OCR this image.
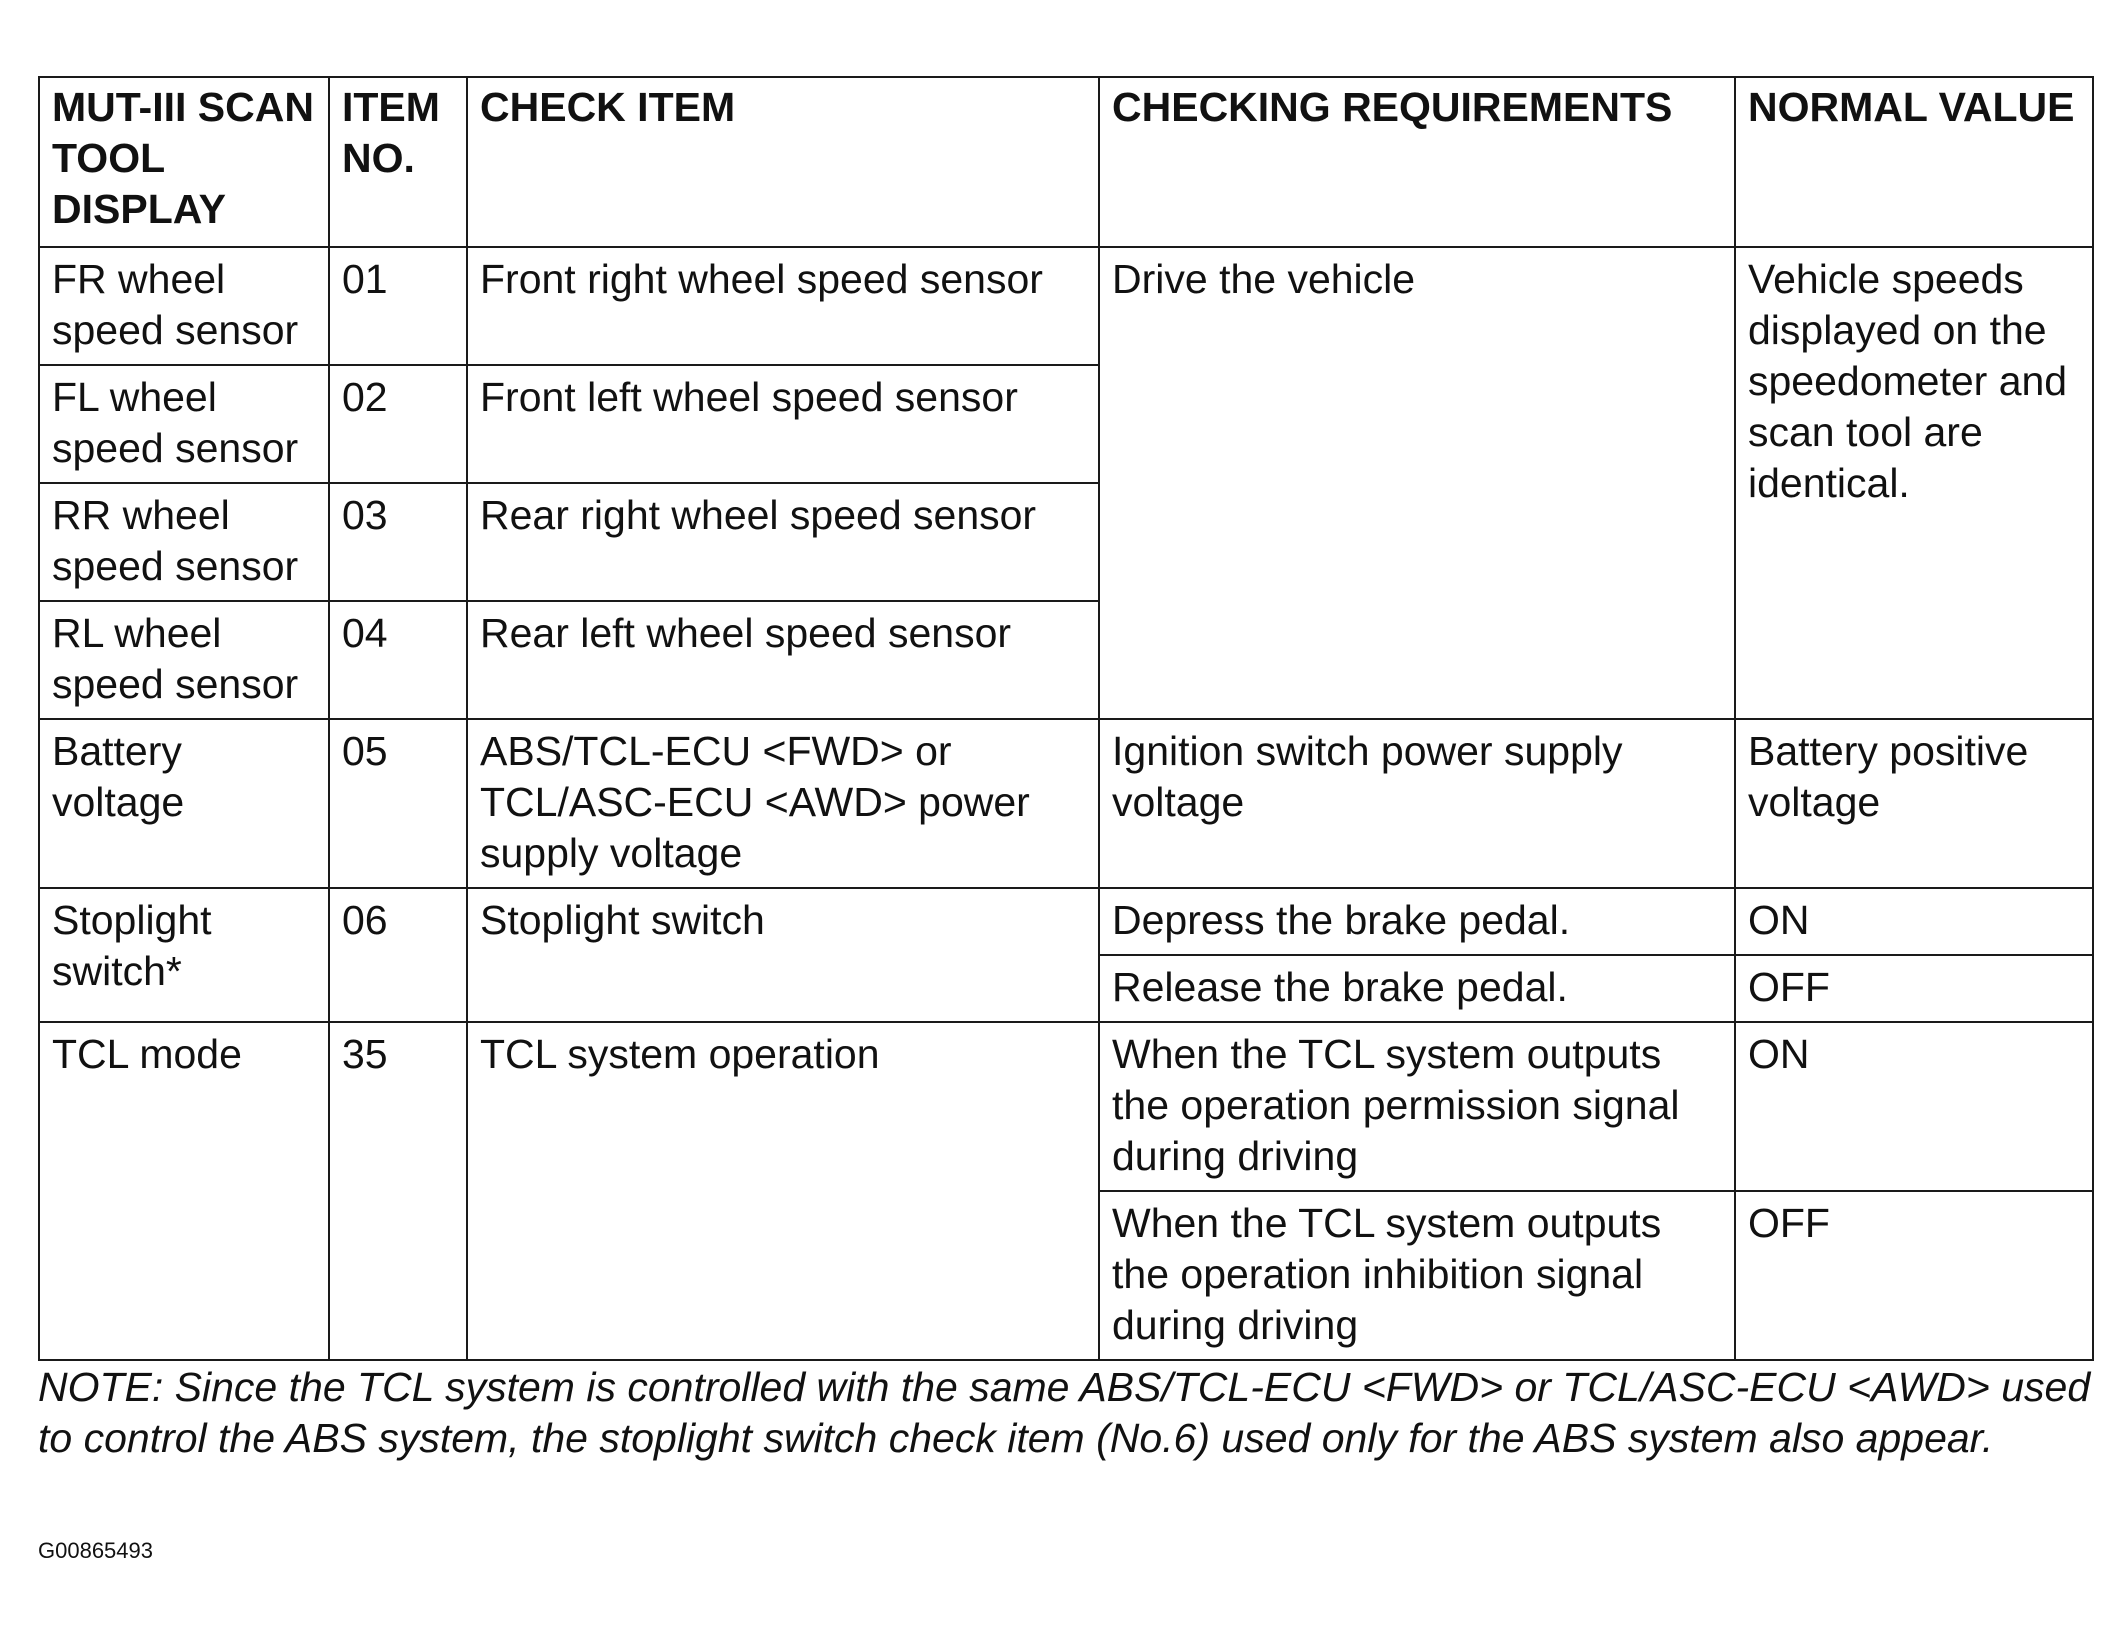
MUT-III SCAN TOOL DISPLAY	ITEM NO.	CHECK ITEM	CHECKING REQUIREMENTS	NORMAL VALUE
FR wheel speed sensor	01	Front right wheel speed sensor	Drive the vehicle	Vehicle speeds displayed on the speedometer and scan tool are identical.
FL wheel speed sensor	02	Front left wheel speed sensor		
RR wheel speed sensor	03	Rear right wheel speed sensor		
RL wheel speed sensor	04	Rear left wheel speed sensor		
Battery voltage	05	ABS/TCL-ECU <FWD> or TCL/ASC-ECU <AWD> power supply voltage	Ignition switch power supply voltage	Battery positive voltage
Stoplight switch*	06	Stoplight switch	Depress the brake pedal.	ON
			Release the brake pedal.	OFF
TCL mode	35	TCL system operation	When the TCL system outputs the operation permission signal during driving	ON
			When the TCL system outputs the operation inhibition signal during driving	OFF

NOTE: Since the TCL system is controlled with the same ABS/TCL-ECU <FWD> or TCL/ASC-ECU <AWD> used to control the ABS system, the stoplight switch check item (No.6) used only for the ABS system also appear.

G00865493
